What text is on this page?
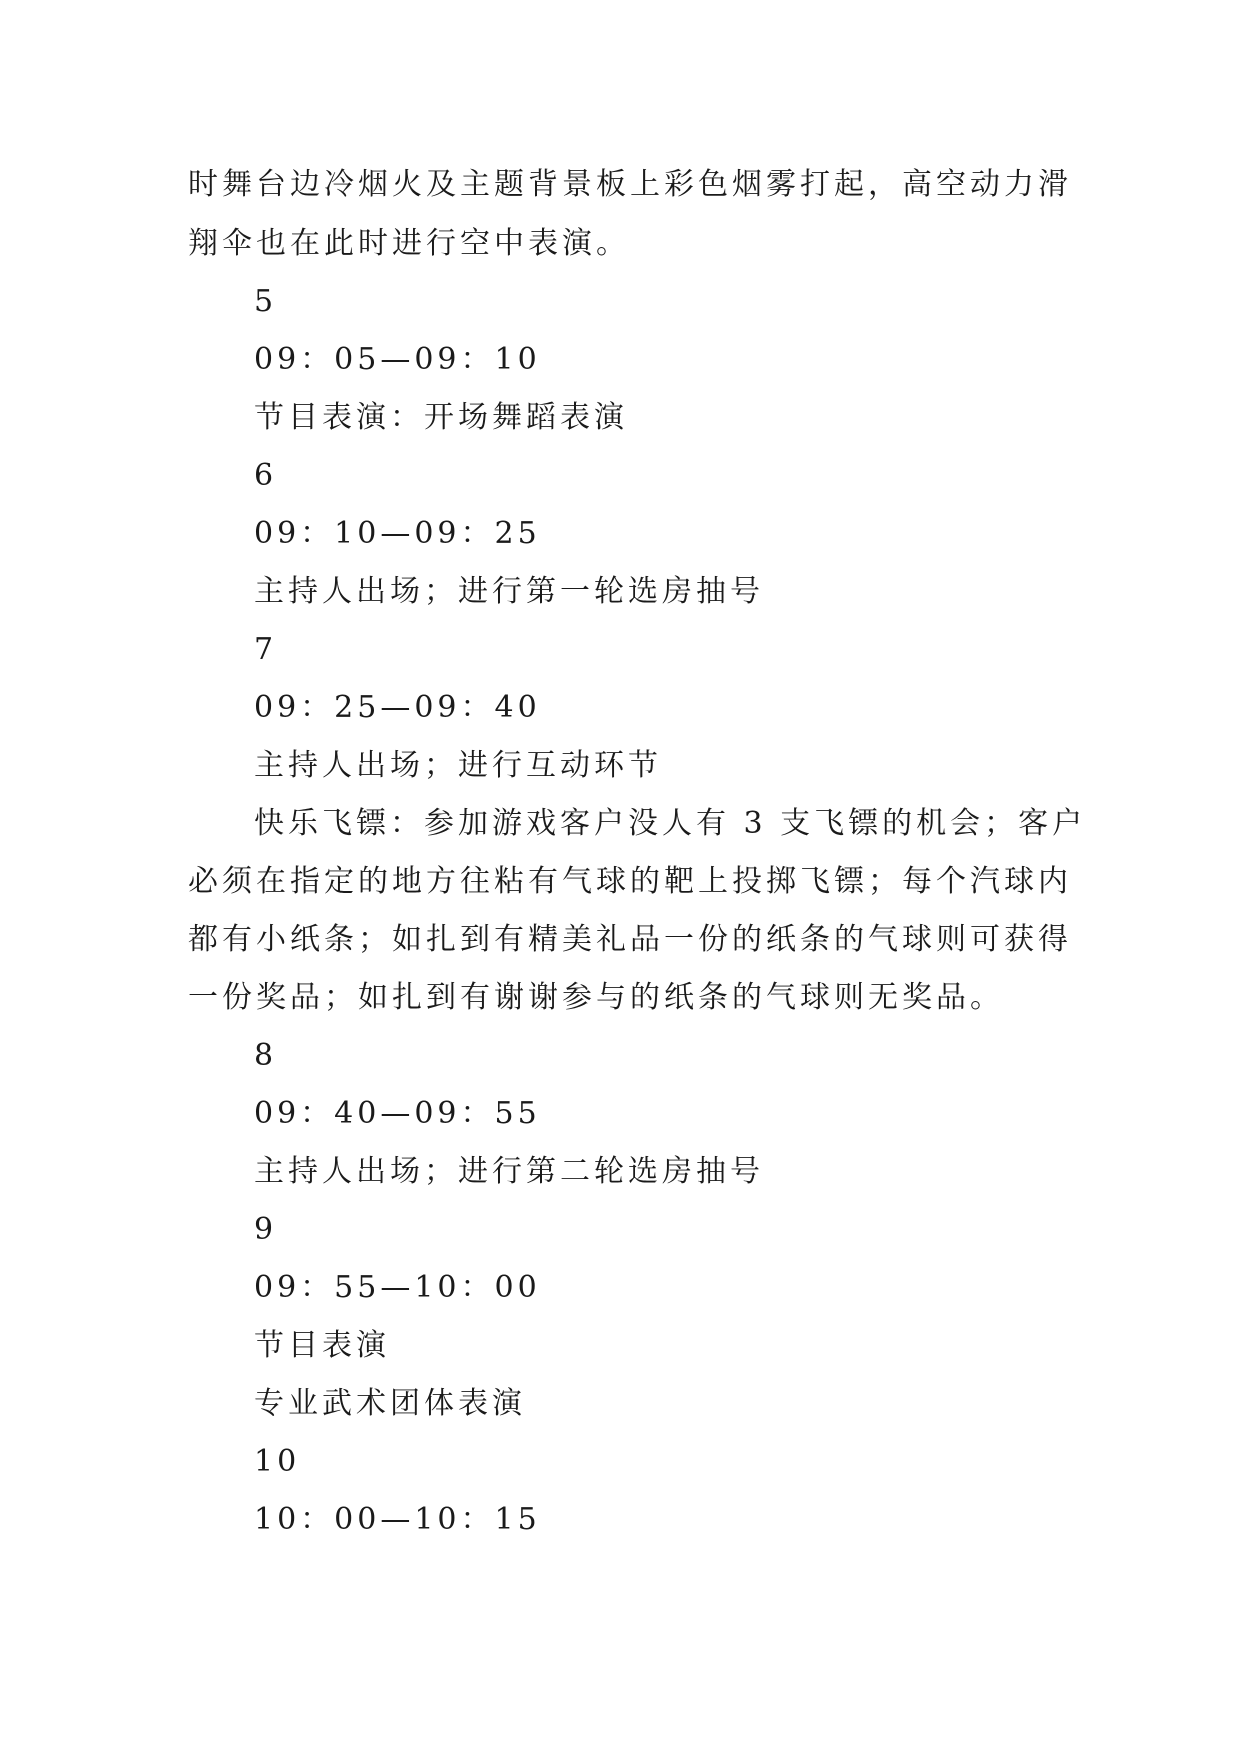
时舞台边冷烟火及主题背景板上彩色烟雾打起，高空动力滑
翔伞也在此时进行空中表演。
5
09：05—09：10
节目表演：开场舞蹈表演
6
09：10—09：25
主持人出场；进行第一轮选房抽号
7
09：25—09：40
主持人出场；进行互动环节
快乐飞镖：参加游戏客户没人有 3 支飞镖的机会；客户
必须在指定的地方往粘有气球的靶上投掷飞镖；每个汽球内
都有小纸条；如扎到有精美礼品一份的纸条的气球则可获得
一份奖品；如扎到有谢谢参与的纸条的气球则无奖品。
8
09：40—09：55
主持人出场；进行第二轮选房抽号
9
09：55—10：00
节目表演
专业武术团体表演
10
10：00—10：15
